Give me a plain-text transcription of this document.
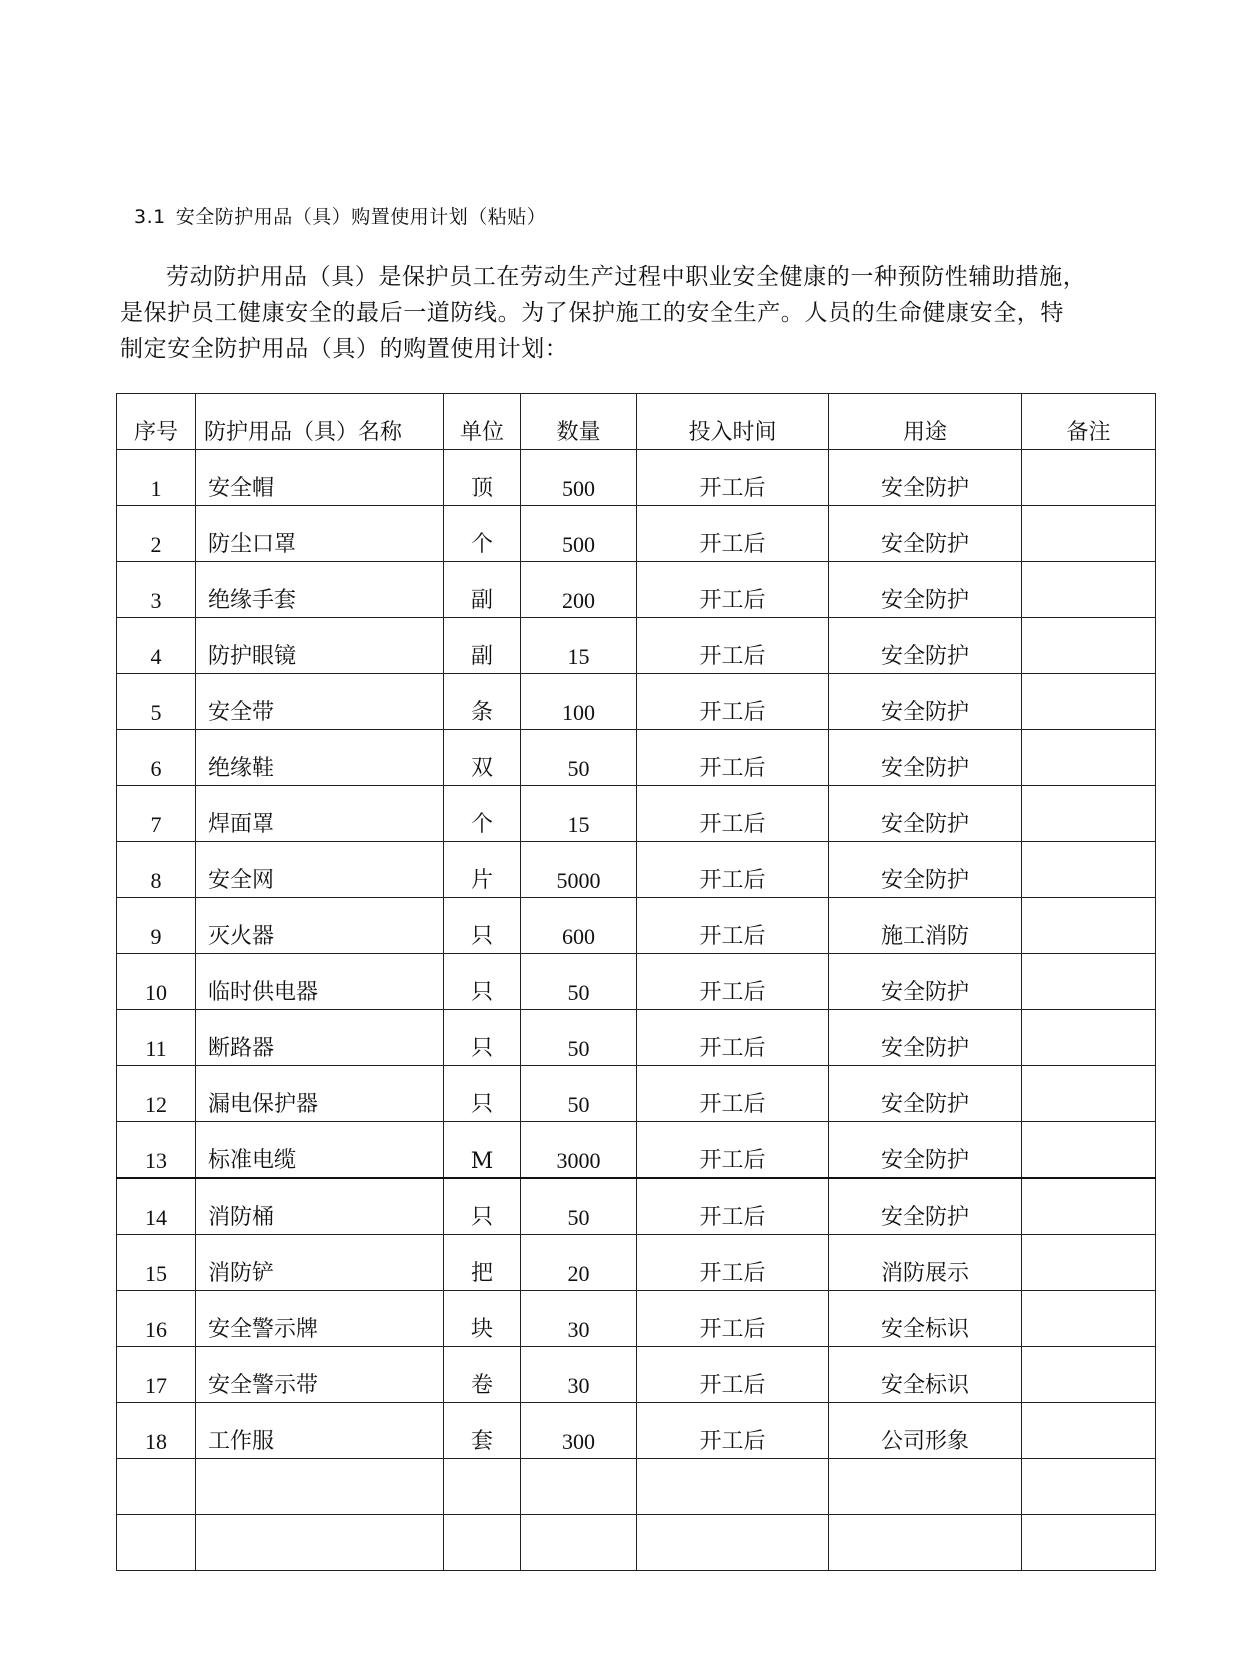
3.1 安全防护用品（具）购置使用计划（粘贴）

劳动防护用品（具）是保护员工在劳动生产过程中职业安全健康的一种预防性辅助措施，
是保护员工健康安全的最后一道防线。为了保护施工的安全生产。人员的生命健康安全，特
制定安全防护用品（具）的购置使用计划：

序号	防护用品（具）名称	单位	数量	投入时间	用途	备注
1	安全帽	顶	500	开工后	安全防护	
2	防尘口罩	个	500	开工后	安全防护	
3	绝缘手套	副	200	开工后	安全防护	
4	防护眼镜	副	15	开工后	安全防护	
5	安全带	条	100	开工后	安全防护	
6	绝缘鞋	双	50	开工后	安全防护	
7	焊面罩	个	15	开工后	安全防护	
8	安全网	片	5000	开工后	安全防护	
9	灭火器	只	600	开工后	施工消防	
10	临时供电器	只	50	开工后	安全防护	
11	断路器	只	50	开工后	安全防护	
12	漏电保护器	只	50	开工后	安全防护	
13	标准电缆	M	3000	开工后	安全防护	
14	消防桶	只	50	开工后	安全防护	
15	消防铲	把	20	开工后	消防展示	
16	安全警示牌	块	30	开工后	安全标识	
17	安全警示带	卷	30	开工后	安全标识	
18	工作服	套	300	开工后	公司形象	
